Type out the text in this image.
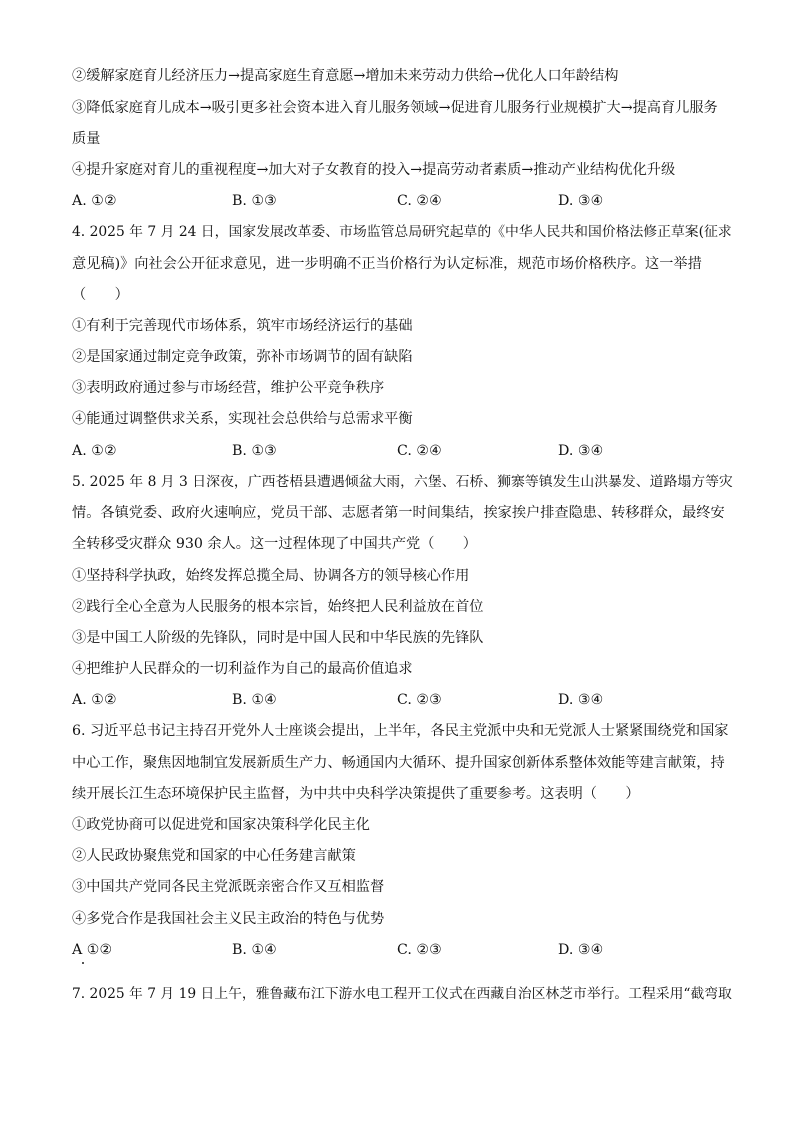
②缓解家庭育儿经济压力→提高家庭生育意愿→增加未来劳动力供给→优化人口年龄结构
③降低家庭育儿成本→吸引更多社会资本进入育儿服务领域→促进育儿服务行业规模扩大→提高育儿服务
质量
④提升家庭对育儿的重视程度→加大对子女教育的投入→提高劳动者素质→推动产业结构优化升级
A. ①②	B. ①③	C. ②④	D. ③④
4. 2025 年 7 月 24 日，国家发展改革委、市场监管总局研究起草的《中华人民共和国价格法修正草案(征求
意见稿)》向社会公开征求意见，进一步明确不正当价格行为认定标准，规范市场价格秩序。这一举措
（　　）
①有利于完善现代市场体系，筑牢市场经济运行的基础
②是国家通过制定竞争政策，弥补市场调节的固有缺陷
③表明政府通过参与市场经营，维护公平竞争秩序
④能通过调整供求关系，实现社会总供给与总需求平衡
A. ①②	B. ①③	C. ②④	D. ③④
5. 2025 年 8 月 3 日深夜，广西苍梧县遭遇倾盆大雨，六堡、石桥、狮寨等镇发生山洪暴发、道路塌方等灾
情。各镇党委、政府火速响应，党员干部、志愿者第一时间集结，挨家挨户排查隐患、转移群众，最终安
全转移受灾群众 930 余人。这一过程体现了中国共产党（　　）
①坚持科学执政，始终发挥总揽全局、协调各方的领导核心作用
②践行全心全意为人民服务的根本宗旨，始终把人民利益放在首位
③是中国工人阶级的先锋队，同时是中国人民和中华民族的先锋队
④把维护人民群众的一切利益作为自己的最高价值追求
A. ①②	B. ①④	C. ②③	D. ③④
6. 习近平总书记主持召开党外人士座谈会提出，上半年，各民主党派中央和无党派人士紧紧围绕党和国家
中心工作，聚焦因地制宜发展新质生产力、畅通国内大循环、提升国家创新体系整体效能等建言献策，持
续开展长江生态环境保护民主监督，为中共中央科学决策提供了重要参考。这表明（　　）
①政党协商可以促进党和国家决策科学化民主化
②人民政协聚焦党和国家的中心任务建言献策
③中国共产党同各民主党派既亲密合作又互相监督
④多党合作是我国社会主义民主政治的特色与优势
A ①②	B. ①④	C. ②③	D. ③④
7. 2025 年 7 月 19 日上午，雅鲁藏布江下游水电工程开工仪式在西藏自治区林芝市举行。工程采用“截弯取
